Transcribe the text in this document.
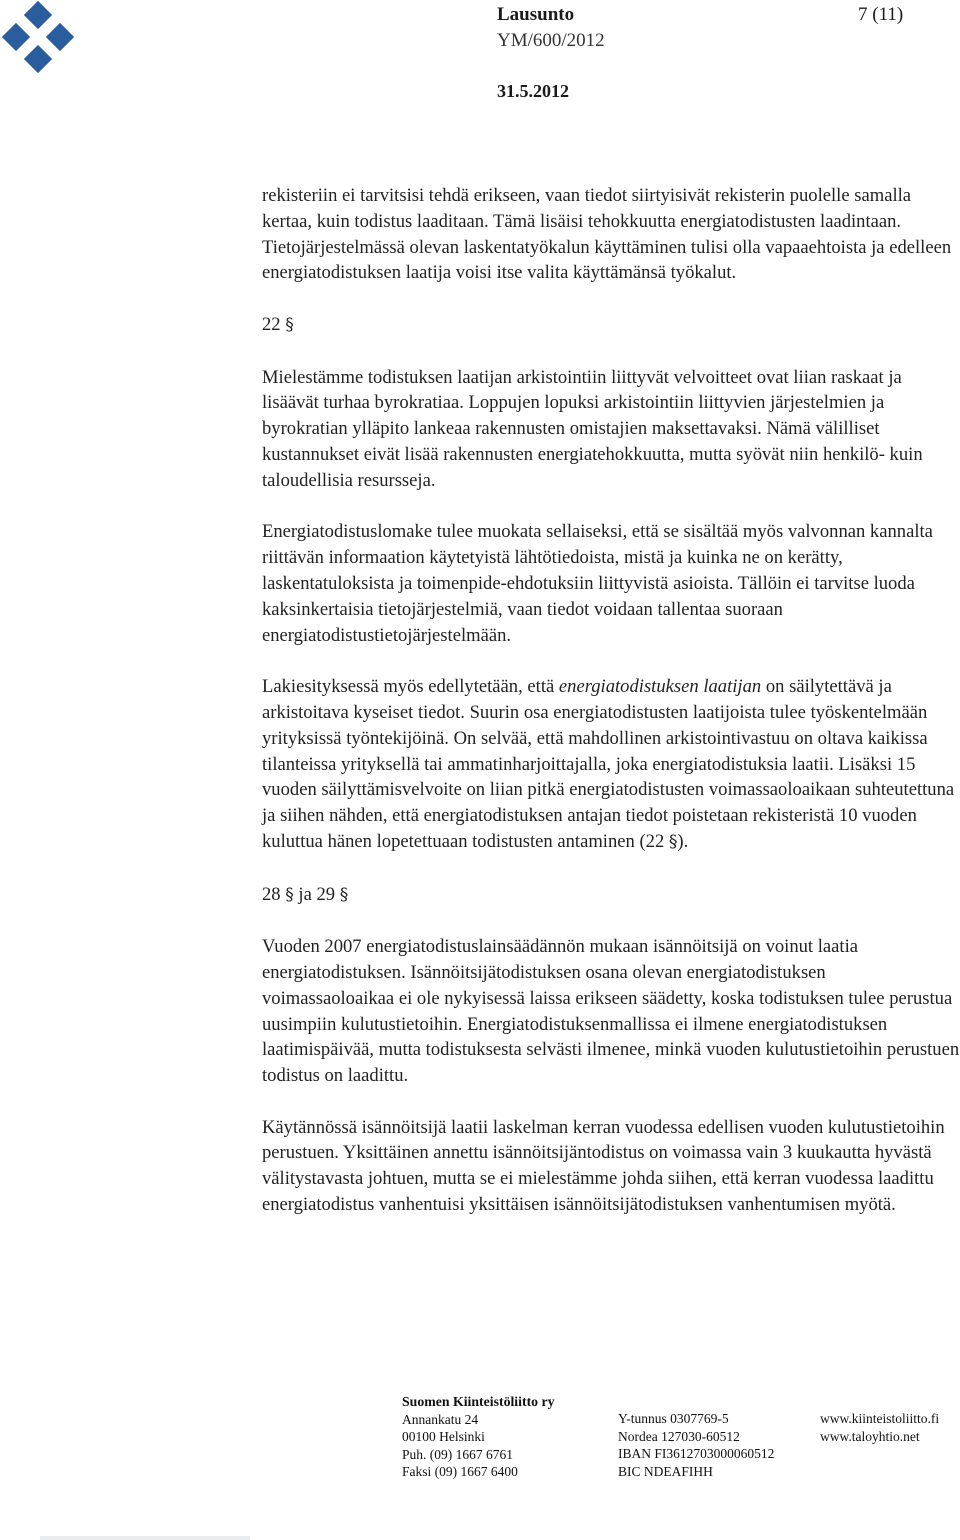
Lausunto	7 (11)
YM/600/2012
31.5.2012

rekisteriin ei tarvitsisi tehdä erikseen, vaan tiedot siirtyisivät rekisterin puolelle samalla kertaa, kuin todistus laaditaan. Tämä lisäisi tehokkuutta energiatodistusten laadintaan. Tietojärjestelmässä olevan laskentatyökalun käyttäminen tulisi olla vapaaehtoista ja edelleen energiatodistuksen laatija voisi itse valita käyttämänsä työkalut.

22 §

Mielestämme todistuksen laatijan arkistointiin liittyvät velvoitteet ovat liian raskaat ja lisäävät turhaa byrokratiaa. Loppujen lopuksi arkistointiin liittyvien järjestelmien ja byrokratian ylläpito lankeaa rakennusten omistajien maksettavaksi. Nämä välilliset kustannukset eivät lisää rakennusten energiatehokkuutta, mutta syövät niin henkilö- kuin taloudellisia resursseja.

Energiatodistuslomake tulee muokata sellaiseksi, että se sisältää myös valvonnan kannalta riittävän informaation käytetyistä lähtötiedoista, mistä ja kuinka ne on kerätty, laskentatuloksista ja toimenpide-ehdotuksiin liittyvistä asioista. Tällöin ei tarvitse luoda kaksinkertaisia tietojärjestelmiä, vaan tiedot voidaan tallentaa suoraan energiatodistustietojärjestelmään.

Lakiesityksessä myös edellytetään, että energiatodistuksen laatijan on säilytettävä ja arkistoitava kyseiset tiedot. Suurin osa energiatodistusten laatijoista tulee työskentelmään yrityksissä työntekijöinä. On selvää, että mahdollinen arkistointivastuu on oltava kaikissa tilanteissa yrityksellä tai ammatinharjoittajalla, joka energiatodistuksia laatii. Lisäksi 15 vuoden säilyttämisvelvoite on liian pitkä energiatodistusten voimassaoloaikaan suhteutettuna ja siihen nähden, että energiatodistuksen antajan tiedot poistetaan rekisteristä 10 vuoden kuluttua hänen lopetettuaan todistusten antaminen (22 §).

28 § ja 29 §

Vuoden 2007 energiatodistuslainsäädännön mukaan isännöitsijä on voinut laatia energiatodistuksen. Isännöitsijätodistuksen osana olevan energiatodistuksen voimassaoloaikaa ei ole nykyisessä laissa erikseen säädetty, koska todistuksen tulee perustua uusimpiin kulutustietoihin. Energiatodistuksenmallissa ei ilmene energiatodistuksen laatimispäivää, mutta todistuksesta selvästi ilmenee, minkä vuoden kulutustietoihin perustuen todistus on laadittu.

Käytännössä isännöitsijä laatii laskelman kerran vuodessa edellisen vuoden kulutustietoihin perustuen. Yksittäinen annettu isännöitsijäntodistus on voimassa vain 3 kuukautta hyvästä välitystavasta johtuen, mutta se ei mielestämme johda siihen, että kerran vuodessa laadittu energiatodistus vanhentuisi yksittäisen isännöitsijätodistuksen vanhentumisen myötä.

Suomen Kiinteistöliitto ry
Annankatu 24
00100 Helsinki
Puh. (09) 1667 6761
Faksi (09) 1667 6400
Y-tunnus 0307769-5
Nordea 127030-60512
IBAN FI3612703000060512
BIC NDEAFIHH
www.kiinteistoliitto.fi
www.taloyhtio.net
